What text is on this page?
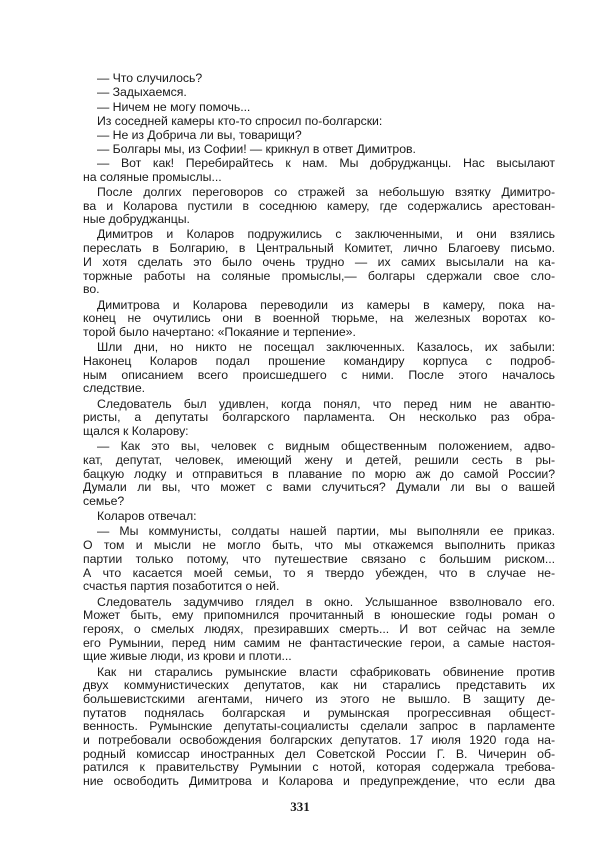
— Что случилось?
— Задыхаемся.
— Ничем не могу помочь...
Из соседней камеры кто-то спросил по-болгарски:
— Не из Добрича ли вы, товарищи?
— Болгары мы, из Софии! — крикнул в ответ Димитров.
— Вот как! Перебирайтесь к нам. Мы добруджанцы. Нас высылают
на соляные промыслы...
После долгих переговоров со стражей за небольшую взятку Димитро-
ва и Коларова пустили в соседнюю камеру, где содержались арестован-
ные добруджанцы.
Димитров и Коларов подружились с заключенными, и они взялись
переслать в Болгарию, в Центральный Комитет, лично Благоеву письмо.
И хотя сделать это было очень трудно — их самих высылали на ка-
торжные работы на соляные промыслы,— болгары сдержали свое сло-
во.
Димитрова и Коларова переводили из камеры в камеру, пока на-
конец не очутились они в военной тюрьме, на железных воротах ко-
торой было начертано: «Покаяние и терпение».
Шли дни, но никто не посещал заключенных. Казалось, их забыли:
Наконец Коларов подал прошение командиру корпуса с подроб-
ным описанием всего происшедшего с ними. После этого началось
следствие.
Следователь был удивлен, когда понял, что перед ним не авантю-
ристы, а депутаты болгарского парламента. Он несколько раз обра-
щался к Коларову:
— Как это вы, человек с видным общественным положением, адво-
кат, депутат, человек, имеющий жену и детей, решили сесть в ры-
бацкую лодку и отправиться в плавание по морю аж до самой России?
Думали ли вы, что может с вами случиться? Думали ли вы о вашей
семье?
Коларов отвечал:
— Мы коммунисты, солдаты нашей партии, мы выполняли ее приказ.
О том и мысли не могло быть, что мы откажемся выполнить приказ
партии только потому, что путешествие связано с большим риском...
А что касается моей семьи, то я твердо убежден, что в случае не-
счастья партия позаботится о ней.
Следователь задумчиво глядел в окно. Услышанное взволновало его.
Может быть, ему припомнился прочитанный в юношеские годы роман о
героях, о смелых людях, презиравших смерть... И вот сейчас на земле
его Румынии, перед ним самим не фантастические герои, а самые настоя-
щие живые люди, из крови и плоти...
Как ни старались румынские власти сфабриковать обвинение против
двух коммунистических депутатов, как ни старались представить их
большевистскими агентами, ничего из этого не вышло. В защиту де-
путатов поднялась болгарская и румынская прогрессивная общест-
венность. Румынские депутаты-социалисты сделали запрос в парламенте
и потребовали освобождения болгарских депутатов. 17 июля 1920 года на-
родный комиссар иностранных дел Советской России Г. В. Чичерин об-
ратился к правительству Румынии с нотой, которая содержала требова-
ние освободить Димитрова и Коларова и предупреждение, что если два
331
